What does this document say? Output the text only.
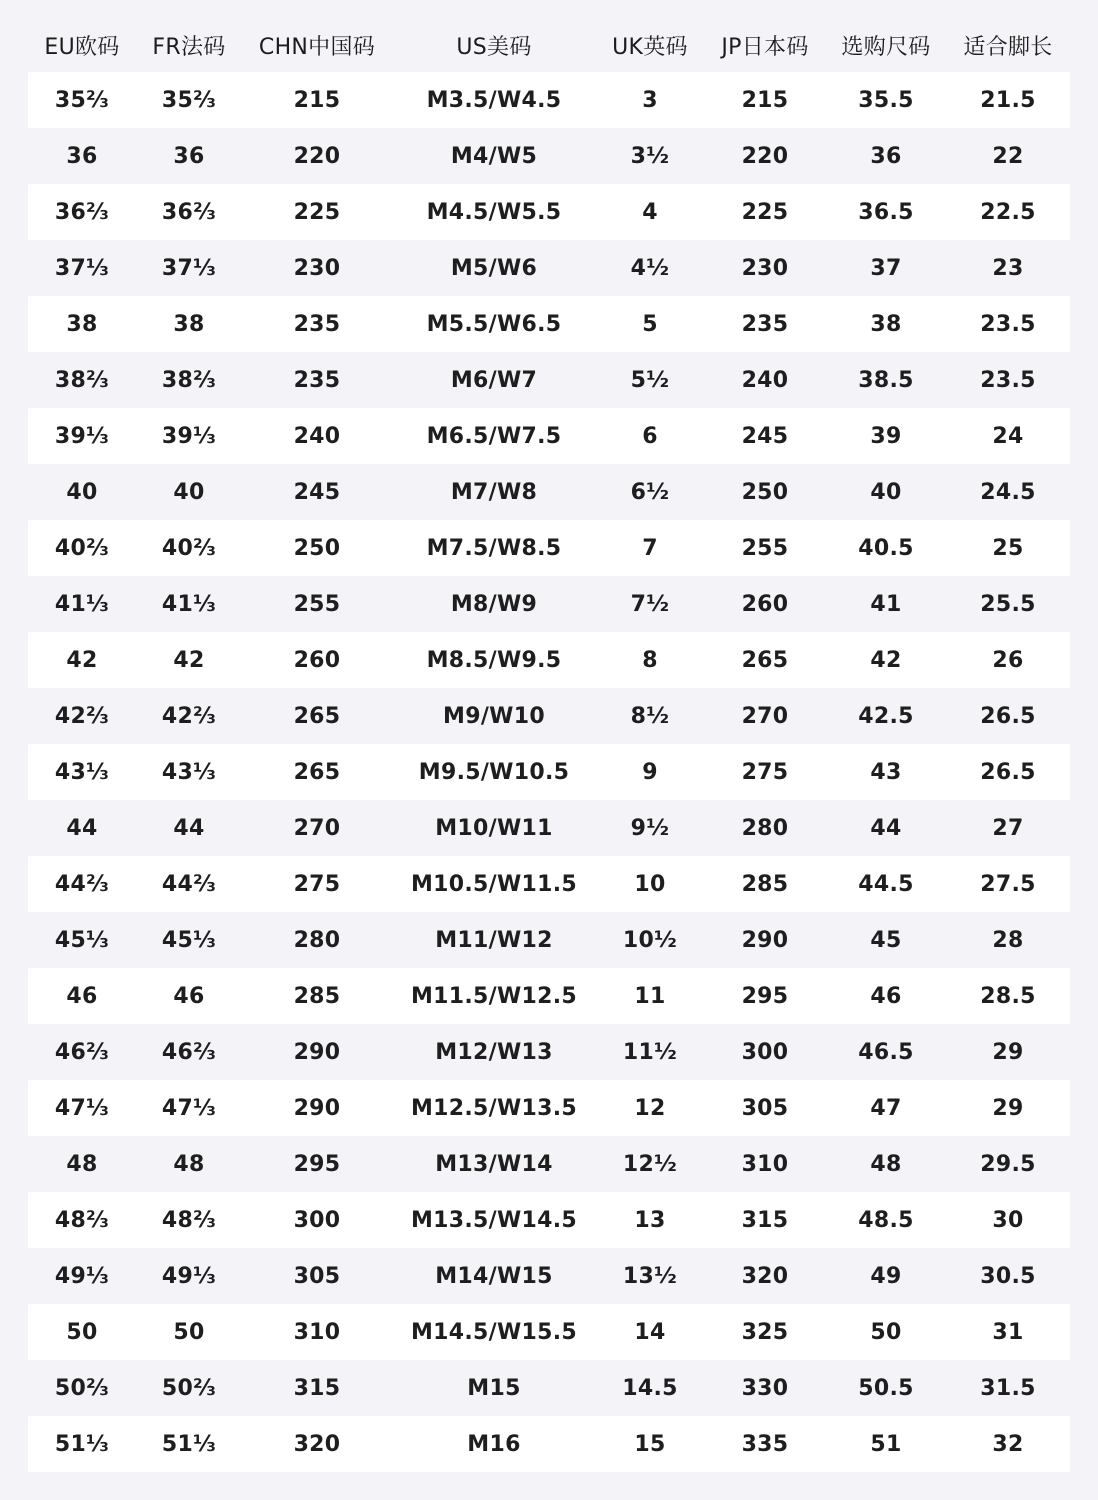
EU欧码	FR法码	CHN中国码	US美码	UK英码	JP日本码	选购尺码	适合脚长
35⅔	35⅔	215	M3.5/W4.5	3	215	35.5	21.5
36	36	220	M4/W5	3½	220	36	22
36⅔	36⅔	225	M4.5/W5.5	4	225	36.5	22.5
37⅓	37⅓	230	M5/W6	4½	230	37	23
38	38	235	M5.5/W6.5	5	235	38	23.5
38⅔	38⅔	235	M6/W7	5½	240	38.5	23.5
39⅓	39⅓	240	M6.5/W7.5	6	245	39	24
40	40	245	M7/W8	6½	250	40	24.5
40⅔	40⅔	250	M7.5/W8.5	7	255	40.5	25
41⅓	41⅓	255	M8/W9	7½	260	41	25.5
42	42	260	M8.5/W9.5	8	265	42	26
42⅔	42⅔	265	M9/W10	8½	270	42.5	26.5
43⅓	43⅓	265	M9.5/W10.5	9	275	43	26.5
44	44	270	M10/W11	9½	280	44	27
44⅔	44⅔	275	M10.5/W11.5	10	285	44.5	27.5
45⅓	45⅓	280	M11/W12	10½	290	45	28
46	46	285	M11.5/W12.5	11	295	46	28.5
46⅔	46⅔	290	M12/W13	11½	300	46.5	29
47⅓	47⅓	290	M12.5/W13.5	12	305	47	29
48	48	295	M13/W14	12½	310	48	29.5
48⅔	48⅔	300	M13.5/W14.5	13	315	48.5	30
49⅓	49⅓	305	M14/W15	13½	320	49	30.5
50	50	310	M14.5/W15.5	14	325	50	31
50⅔	50⅔	315	M15	14.5	330	50.5	31.5
51⅓	51⅓	320	M16	15	335	51	32
